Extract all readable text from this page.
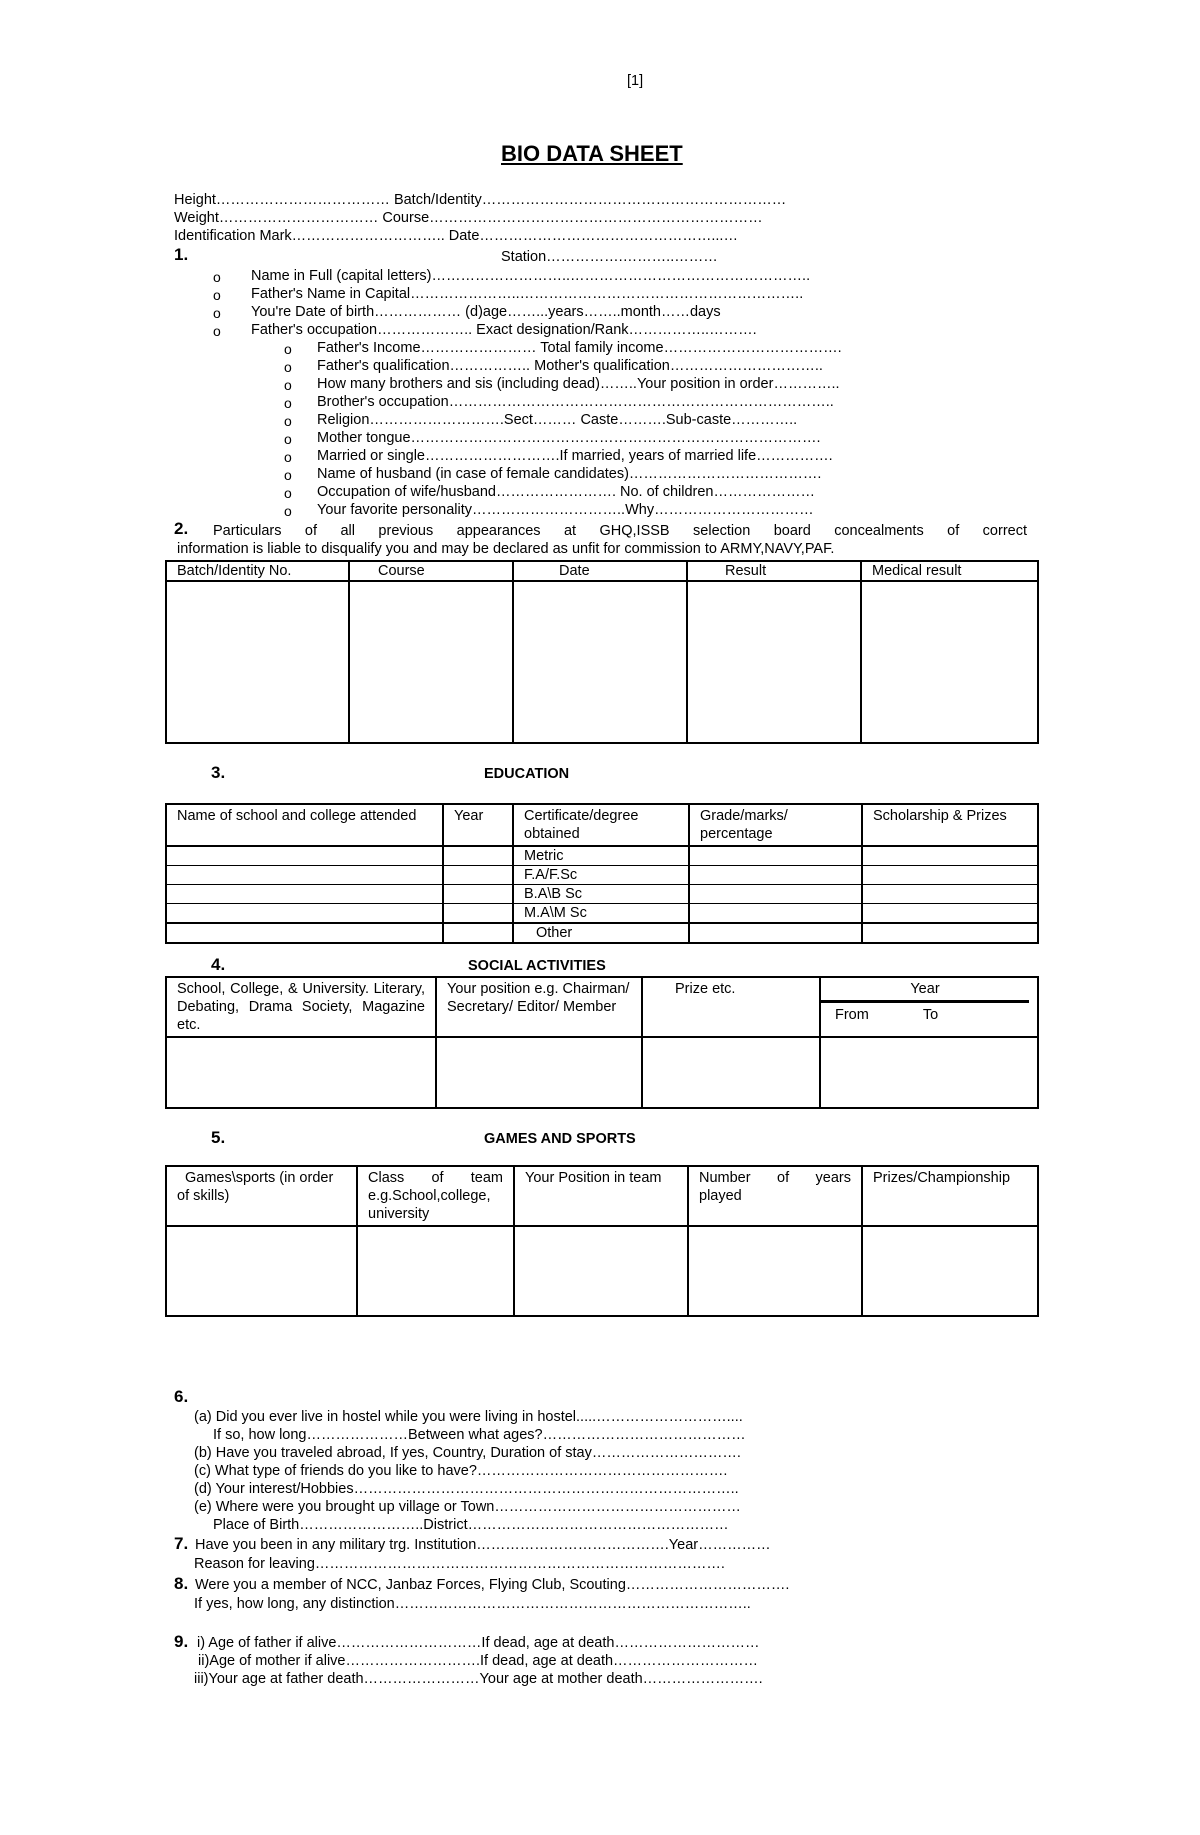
[1]
BIO DATA SHEET
Height……………………………… Batch/Identity………………………………………………………
Weight…………………………… Course……………………………………………………………
Identification Mark………………………….. Date…………………………………………...…
1.	Station…………….………..………
o Name in Full (capital letters)………………………..…………………………………………..
o Father's Name in Capital…………………..…………………………………………………..
o You're Date of birth……………… (d)age……...years……..month……days
o Father's occupation……………….. Exact designation/Rank……………..……….
o Father's Income…………………… Total family income……………………………….
o Father's qualification…………….. Mother's qualification…………………………..
o How many brothers and sis (including dead)……..Your position in order…………..
o Brother's occupation……………………………………………………………………..
o Religion……………………….Sect……… Caste……….Sub-caste…………..
o Mother tongue………………………………………………………………………….
o Married or single……………………….If married, years of married life…………….
o Name of husband (in case of female candidates)………………………………….
o Occupation of wife/husband……………………. No. of children…………………
o Your favorite personality…………………………..Why……………………………
2. Particulars of all previous appearances at GHQ,ISSB selection board concealments of correct
information is liable to disqualify you and may be declared as unfit for commission to ARMY,NAVY,PAF.
Batch/Identity No.	Course	Date	Result	Medical result

3.	EDUCATION
Name of school and college attended	Year	Certificate/degree obtained	Grade/marks/ percentage	Scholarship & Prizes
		Metric		
		F.A/F.Sc		
		B.A\B Sc		
		M.A\M Sc		
		Other		
4.	SOCIAL ACTIVITIES
School, College, & University. Literary, Debating, Drama Society, Magazine etc.	Your position e.g. Chairman/ Secretary/ Editor/ Member	Prize etc.	Year
From To

5.	GAMES AND SPORTS
Games\sports (in order of skills)	Class of team e.g.School,college, university	Your Position in team	Number of years played	Prizes/Championship

6.
(a) Did you ever live in hostel while you were living in hostel.....………………………....
If so, how long…………………Between what ages?……………………………………
(b) Have you traveled abroad, If yes, Country, Duration of stay………………………….
(c) What type of friends do you like to have?…………………………………………….
(d) Your interest/Hobbies……………………………………………………………………..
(e) Where were you brought up village or Town……………………………………………
Place of Birth……………………..District………………………………………………
7. Have you been in any military trg. Institution………………………………….Year……………
Reason for leaving………………………………………………………………………….
8. Were you a member of NCC, Janbaz Forces, Flying Club, Scouting…………………………….
If yes, how long, any distinction………………………………………………………………..
9. i) Age of father if alive…………………………If dead, age at death…………………………
ii)Age of mother if alive……………………….If dead, age at death…………………………
iii)Your age at father death……………………Your age at mother death…………………….
